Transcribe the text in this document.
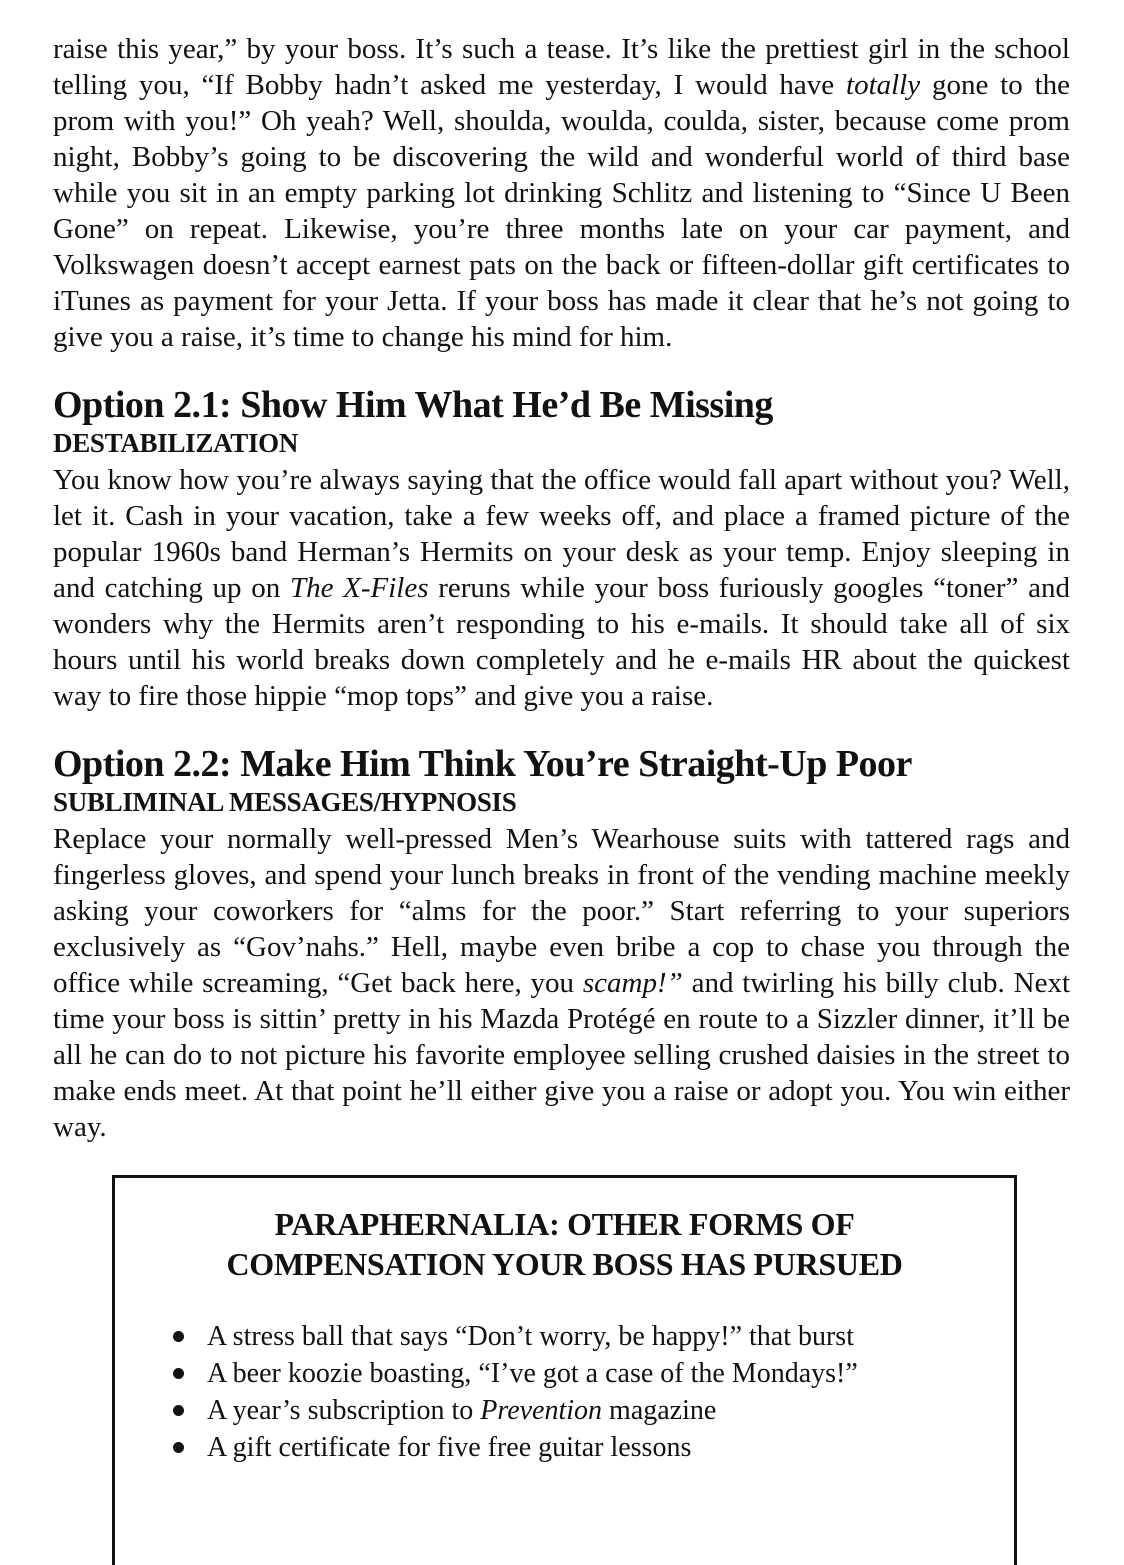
raise this year,” by your boss. It’s such a tease. It’s like the prettiest girl in the school telling you, “If Bobby hadn’t asked me yesterday, I would have totally gone to the prom with you!” Oh yeah? Well, shoulda, woulda, coulda, sister, because come prom night, Bobby’s going to be discovering the wild and wonderful world of third base while you sit in an empty parking lot drinking Schlitz and listening to “Since U Been Gone” on repeat. Likewise, you’re three months late on your car payment, and Volkswagen doesn’t accept earnest pats on the back or fifteen-dollar gift certificates to iTunes as payment for your Jetta. If your boss has made it clear that he’s not going to give you a raise, it’s time to change his mind for him.

Option 2.1: Show Him What He’d Be Missing
DESTABILIZATION

You know how you’re always saying that the office would fall apart without you? Well, let it. Cash in your vacation, take a few weeks off, and place a framed picture of the popular 1960s band Herman’s Hermits on your desk as your temp. Enjoy sleeping in and catching up on The X-Files reruns while your boss furiously googles “toner” and wonders why the Hermits aren’t responding to his e-mails. It should take all of six hours until his world breaks down completely and he e-mails HR about the quickest way to fire those hippie “mop tops” and give you a raise.

Option 2.2: Make Him Think You’re Straight-Up Poor
SUBLIMINAL MESSAGES/HYPNOSIS

Replace your normally well-pressed Men’s Wearhouse suits with tattered rags and fingerless gloves, and spend your lunch breaks in front of the vending machine meekly asking your coworkers for “alms for the poor.” Start referring to your superiors exclusively as “Gov’nahs.” Hell, maybe even bribe a cop to chase you through the office while screaming, “Get back here, you scamp!” and twirling his billy club. Next time your boss is sittin’ pretty in his Mazda Protégé en route to a Sizzler dinner, it’ll be all he can do to not picture his favorite employee selling crushed daisies in the street to make ends meet. At that point he’ll either give you a raise or adopt you. You win either way.

PARAPHERNALIA: OTHER FORMS OF
COMPENSATION YOUR BOSS HAS PURSUED
A stress ball that says “Don’t worry, be happy!” that burst
A beer koozie boasting, “I’ve got a case of the Mondays!”
A year’s subscription to Prevention magazine
A gift certificate for five free guitar lessons
